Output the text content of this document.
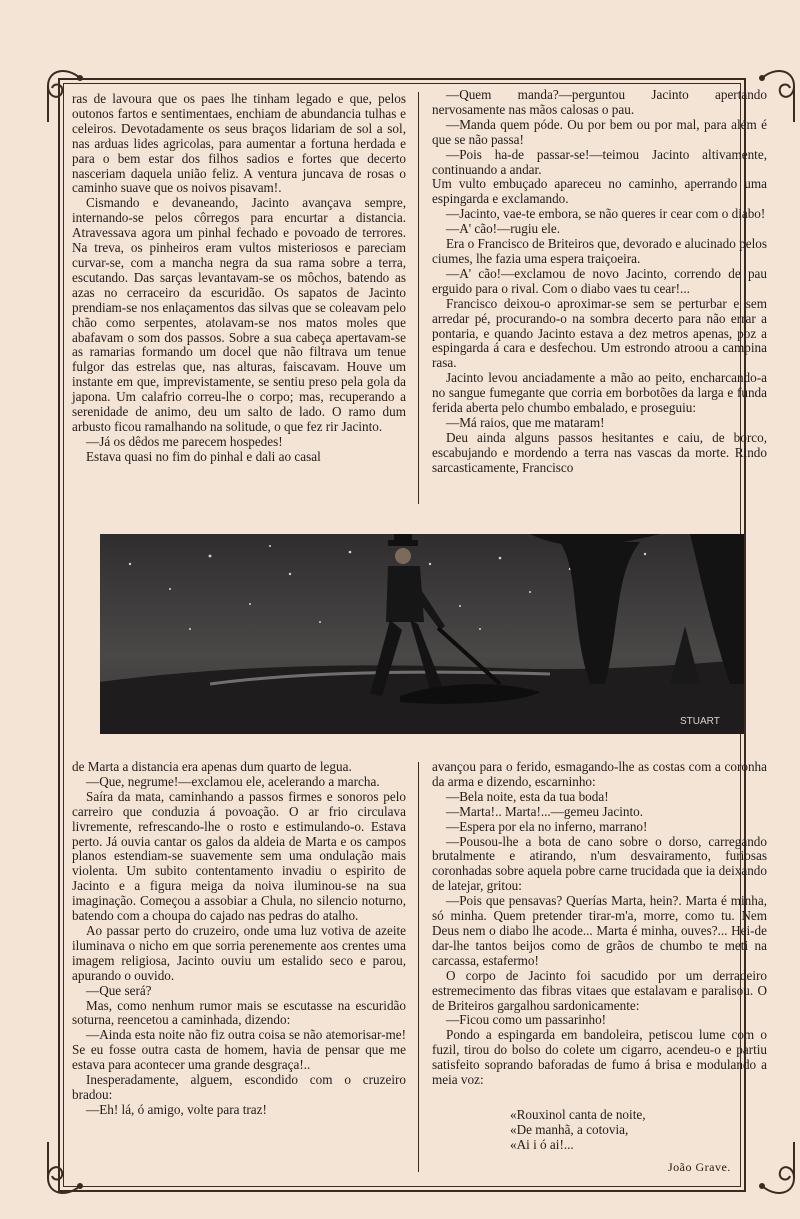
ras de lavoura que os paes lhe tinham legado e que, pelos outonos fartos e sentimentaes, enchiam de abundancia tulhas e celeiros. Devotadamente os seus braços lidariam de sol a sol, nas arduas lides agricolas, para aumentar a fortuna herdada e para o bem estar dos filhos sadios e fortes que decerto nasceriam daquela união feliz. A ventura juncava de rosas o caminho suave que os noivos pisavam!.

Cismando e devaneando, Jacinto avançava sempre, internando-se pelos côrregos para encurtar a distancia. Atravessava agora um pinhal fechado e povoado de terrores. Na treva, os pinheiros eram vultos misteriosos e pareciam curvar-se, com a mancha negra da sua rama sobre a terra, escutando. Das sarças levantavam-se os môchos, batendo as azas no cerraceiro da escuridão. Os sapatos de Jacinto prendiam-se nos enlaçamentos das silvas que se coleavam pelo chão como serpentes, atolavam-se nos matos moles que abafavam o som dos passos. Sobre a sua cabeça apertavam-se as ramarias formando um docel que não filtrava um tenue fulgor das estrelas que, nas alturas, faiscavam. Houve um instante em que, imprevistamente, se sentiu preso pela gola da japona. Um calafrio correu-lhe o corpo; mas, recuperando a serenidade de animo, deu um salto de lado. O ramo dum arbusto ficou ramalhando na solitude, o que fez rir Jacinto.

—Já os dêdos me parecem hospedes!

Estava quasi no fim do pinhal e dali ao casal

—Quem manda?—perguntou Jacinto apertando nervosamente nas mãos calosas o pau.

—Manda quem póde. Ou por bem ou por mal, para além é que se não passa!

—Pois ha-de passar-se!—teimou Jacinto altivamente, continuando a andar.

Um vulto embuçado apareceu no caminho, aperrando uma espingarda e exclamando.

—Jacinto, vae-te embora, se não queres ir cear com o diabo!

—A' cão!—rugiu ele.

Era o Francisco de Briteiros que, devorado e alucinado pelos ciumes, lhe fazia uma espera traiçoeira.

—A' cão!—exclamou de novo Jacinto, correndo de pau erguido para o rival. Com o diabo vaes tu cear!...

Francisco deixou-o aproximar-se sem se perturbar e sem arredar pé, procurando-o na sombra decerto para não errar a pontaria, e quando Jacinto estava a dez metros apenas, poz a espingarda á cara e desfechou. Um estrondo atroou a campina rasa.

Jacinto levou anciadamente a mão ao peito, encharcando-a no sangue fumegante que corria em borbotões da larga e funda ferida aberta pelo chumbo embalado, e proseguiu:

—Má raios, que me mataram!

Deu ainda alguns passos hesitantes e caiu, de borco, escabujando e mordendo a terra nas vascas da morte. Rindo sarcasticamente, Francisco

STUART

de Marta a distancia era apenas dum quarto de legua.

—Que, negrume!—exclamou ele, acelerando a marcha.

Saíra da mata, caminhando a passos firmes e sonoros pelo carreiro que conduzia á povoação. O ar frio circulava livremente, refrescando-lhe o rosto e estimulando-o. Estava perto. Já ouvia cantar os galos da aldeia de Marta e os campos planos estendiam-se suavemente sem uma ondulação mais violenta. Um subito contentamento invadiu o espirito de Jacinto e a figura meiga da noiva iluminou-se na sua imaginação. Começou a assobiar a Chula, no silencio noturno, batendo com a choupa do cajado nas pedras do atalho.

Ao passar perto do cruzeiro, onde uma luz votiva de azeite iluminava o nicho em que sorria perenemente aos crentes uma imagem religiosa, Jacinto ouviu um estalido seco e parou, apurando o ouvido.

—Que será?

Mas, como nenhum rumor mais se escutasse na escuridão soturna, reencetou a caminhada, dizendo:

—Ainda esta noite não fiz outra coisa se não atemorisar-me! Se eu fosse outra casta de homem, havia de pensar que me estava para acontecer uma grande desgraça!..

Inesperadamente, alguem, escondido com o cruzeiro bradou:

—Eh! lá, ó amigo, volte para traz!

avançou para o ferido, esmagando-lhe as costas com a coronha da arma e dizendo, escarninho:

—Bela noite, esta da tua boda!

—Marta!.. Marta!...—gemeu Jacinto.

—Espera por ela no inferno, marrano!

—Pousou-lhe a bota de cano sobre o dorso, carregando brutalmente e atirando, n'um desvairamento, furiosas coronhadas sobre aquela pobre carne trucidada que ia deixando de latejar, gritou:

—Pois que pensavas? Querías Marta, hein?. Marta é minha, só minha. Quem pretender tirar-m'a, morre, como tu. Nem Deus nem o diabo lhe acode... Marta é minha, ouves?... Hei-de dar-lhe tantos beijos como de grãos de chumbo te meti na carcassa, estafermo!

O corpo de Jacinto foi sacudido por um derradeiro estremecimento das fibras vitaes que estalavam e paralisou. O de Briteiros gargalhou sardonicamente:

—Ficou como um passarinho!

Pondo a espingarda em bandoleira, petiscou lume com o fuzil, tirou do bolso do colete um cigarro, acendeu-o e partiu satisfeito soprando baforadas de fumo á brisa e modulando a meia voz:

«Rouxinol canta de noite,
«De manhã, a cotovia,
«Ai i ó ai!...
João Grave.
